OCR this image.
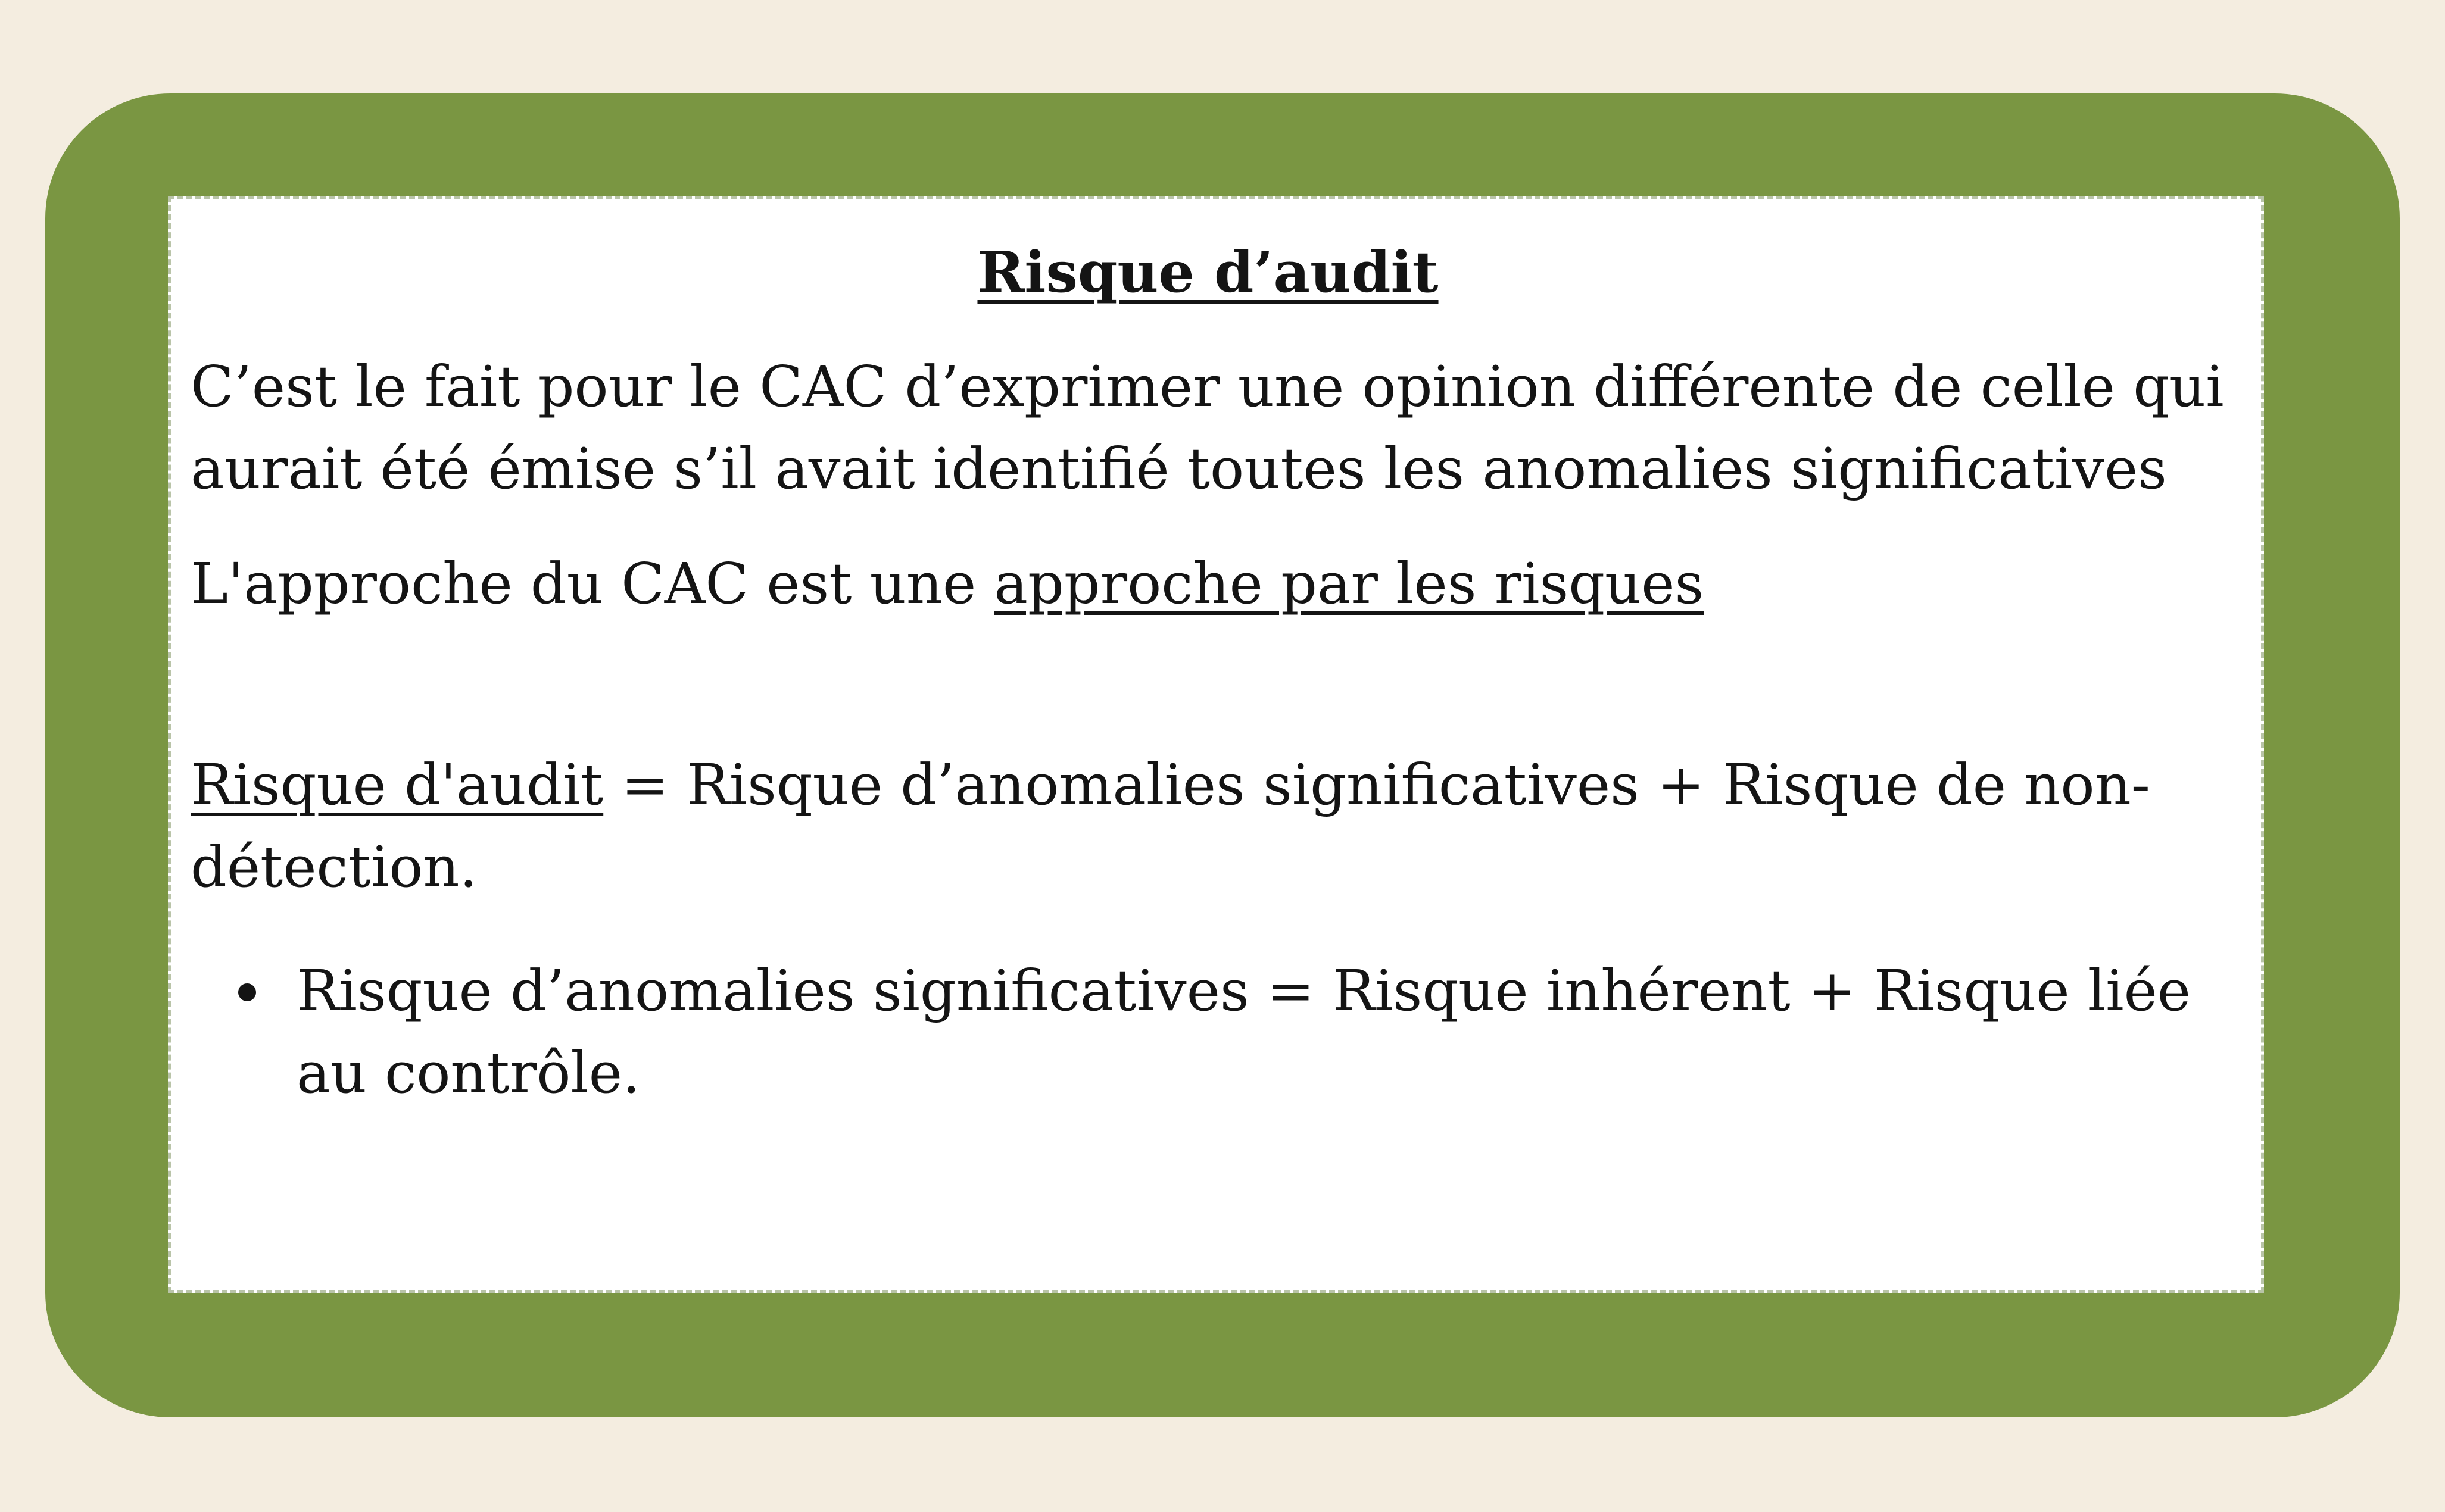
Risque d’audit

C’est le fait pour le CAC d’exprimer une opinion différente de celle qui aurait été émise s’il avait identifié toutes les anomalies significatives

L'approche du CAC est une approche par les risques

Risque d'audit = Risque d’anomalies significatives + Risque de non-détection.

Risque d’anomalies significatives = Risque inhérent + Risque liée au contrôle.
